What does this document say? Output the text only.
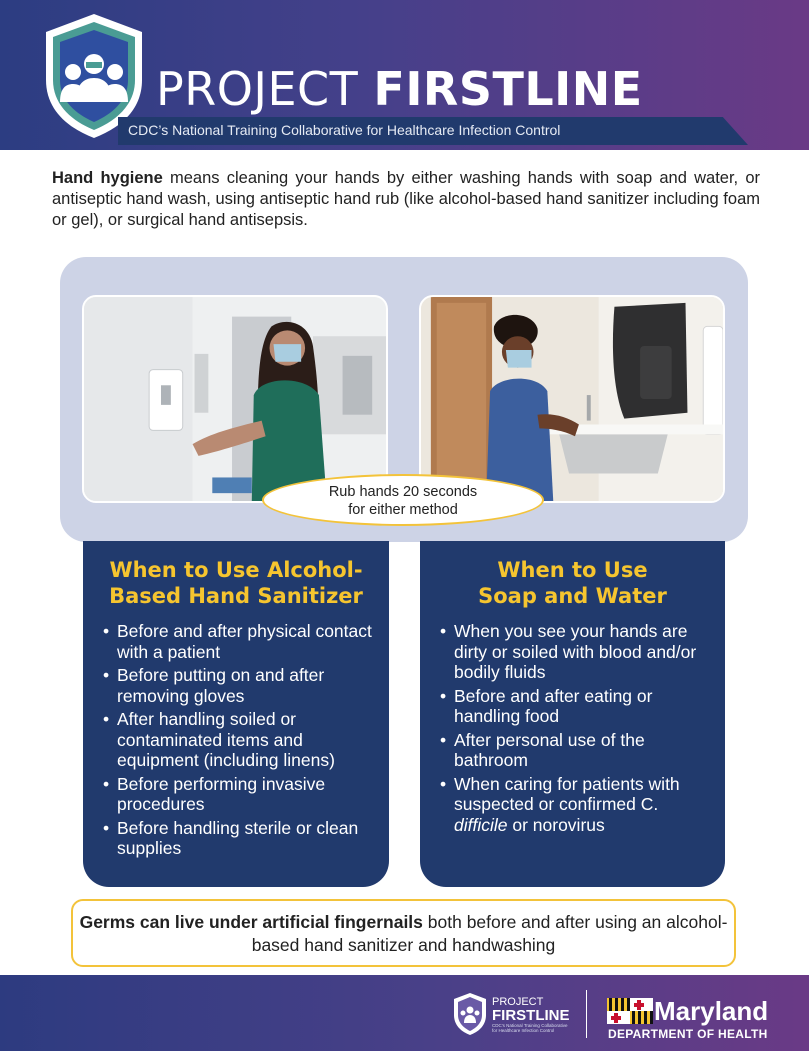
PROJECT FIRSTLINE
CDC’s National Training Collaborative for Healthcare Infection Control

Hand hygiene means cleaning your hands by either washing hands with soap and water, or antiseptic hand wash, using antiseptic hand rub (like alcohol-based hand sanitizer including foam or gel), or surgical hand antisepsis.

Rub hands 20 seconds
for either method
When to Use Alcohol-
Based Hand Sanitizer
• Before and after physical contact with a patient
• Before putting on and after removing gloves
• After handling soiled or contaminated items and equipment (including linens)
• Before performing invasive procedures
• Before handling sterile or clean supplies
When to Use
Soap and Water
• When you see your hands are dirty or soiled with blood and/or bodily fluids
• Before and after eating or handling food
• After personal use of the bathroom
• When caring for patients with suspected or confirmed C. difficile or norovirus
Germs can live under artificial fingernails both before and after using an alcohol-based hand sanitizer and handwashing
PROJECT
FIRSTLINE
CDC’s National Training Collaborative for Healthcare Infection Control
Maryland
DEPARTMENT OF HEALTH
